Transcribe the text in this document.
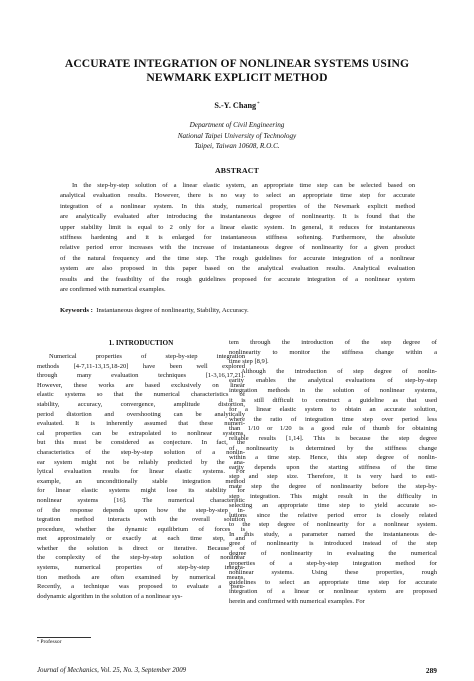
ACCURATE INTEGRATION OF NONLINEAR SYSTEMS USING
NEWMARK EXPLICIT METHOD
S.-Y. Chang*
Department of Civil Engineering
National Taipei University of Technology
Taipei, Taiwan 10608, R.O.C.
ABSTRACT
In the step-by-step solution of a linear elastic system, an appropriate time step can be selected based on
analytical evaluation results. However, there is no way to select an appropriate time step for accurate
integration of a nonlinear system. In this study, numerical properties of the Newmark explicit method
are analytically evaluated after introducing the instantaneous degree of nonlinearity. It is found that the
upper stability limit is equal to 2 only for a linear elastic system. In general, it reduces for instantaneous
stiffness hardening and it is enlarged for instantaneous stiffness softening. Furthermore, the absolute
relative period error increases with the increase of instantaneous degree of nonlinearity for a given product
of the natural frequency and the time step. The rough guidelines for accurate integration of a nonlinear
system are also proposed in this paper based on the analytical evaluation results. Analytical evaluation
results and the feasibility of the rough guidelines proposed for accurate integration of a nonlinear system
are confirmed with numerical examples.
Keywords : Instantaneous degree of nonlinearity, Stability, Accuracy.
1. INTRODUCTION
Numerical properties of step-by-step integration
methods [4-7,11-13,15,18-20] have been well explored
through many evaluation techniques [1-3,16,17,21].
However, these works are based exclusively on linear
elastic systems so that the numerical characteristics of
stability, accuracy, convergence, amplitude distortion,
period distortion and overshooting can be analytically
evaluated. It is inherently assumed that these numeri-
cal properties can be extrapolated to nonlinear systems,
but this must be considered as conjecture. In fact, the
characteristics of the step-by-step solution of a nonlin-
ear system might not be reliably predicted by the ana-
lytical evaluation results for linear elastic systems. For
example, an unconditionally stable integration method
for linear elastic systems might lose its stability for
nonlinear systems [16]. The numerical characteristic
of the response depends upon how the step-by-step in-
tegration method interacts with the overall solution
procedure, whether the dynamic equilibrium of forces is
met approximately or exactly at each time step, and
whether the solution is direct or iterative. Because of
the complexity of the step-by-step solution of nonlinear
systems, numerical properties of step-by-step integra-
tion methods are often examined by numerical means.
Recently, a technique was proposed to evaluate a pseu-
dodynamic algorithm in the solution of a nonlinear sys-
tem through the introduction of the step degree of
nonlinearity to monitor the stiffness change within a
time step [8,9].
Although the introduction of step degree of nonlin-
earity enables the analytical evaluations of step-by-step
integration methods in the solution of nonlinear systems,
it is still difficult to construct a guideline as that used
for a linear elastic system to obtain an accurate solution,
where the ratio of integration time step over period less
than 1/10 or 1/20 is a good rule of thumb for obtaining
reliable results [1,14]. This is because the step degree
of nonlinearity is determined by the stiffness change
within a time step. Hence, this step degree of nonlin-
earity depends upon the starting stiffness of the time
step and step size. Therefore, it is very hard to esti-
mate step the degree of nonlinearity before the step-by-
step integration. This might result in the difficulty in
selecting an appropriate time step to yield accurate so-
lutions since the relative period error is closely related
to the step degree of nonlinearity for a nonlinear system.
In this study, a parameter named the instantaneous de-
gree of nonlinearity is introduced instead of the step
degree of nonlinearity in evaluating the numerical
properties of a step-by-step integration method for
nonlinear systems. Using these properties, rough
guidelines to select an appropriate time step for accurate
integration of a linear or nonlinear system are proposed
herein and confirmed with numerical examples. For
* Professor
Journal of Mechanics, Vol. 25, No. 3, September 2009	289
